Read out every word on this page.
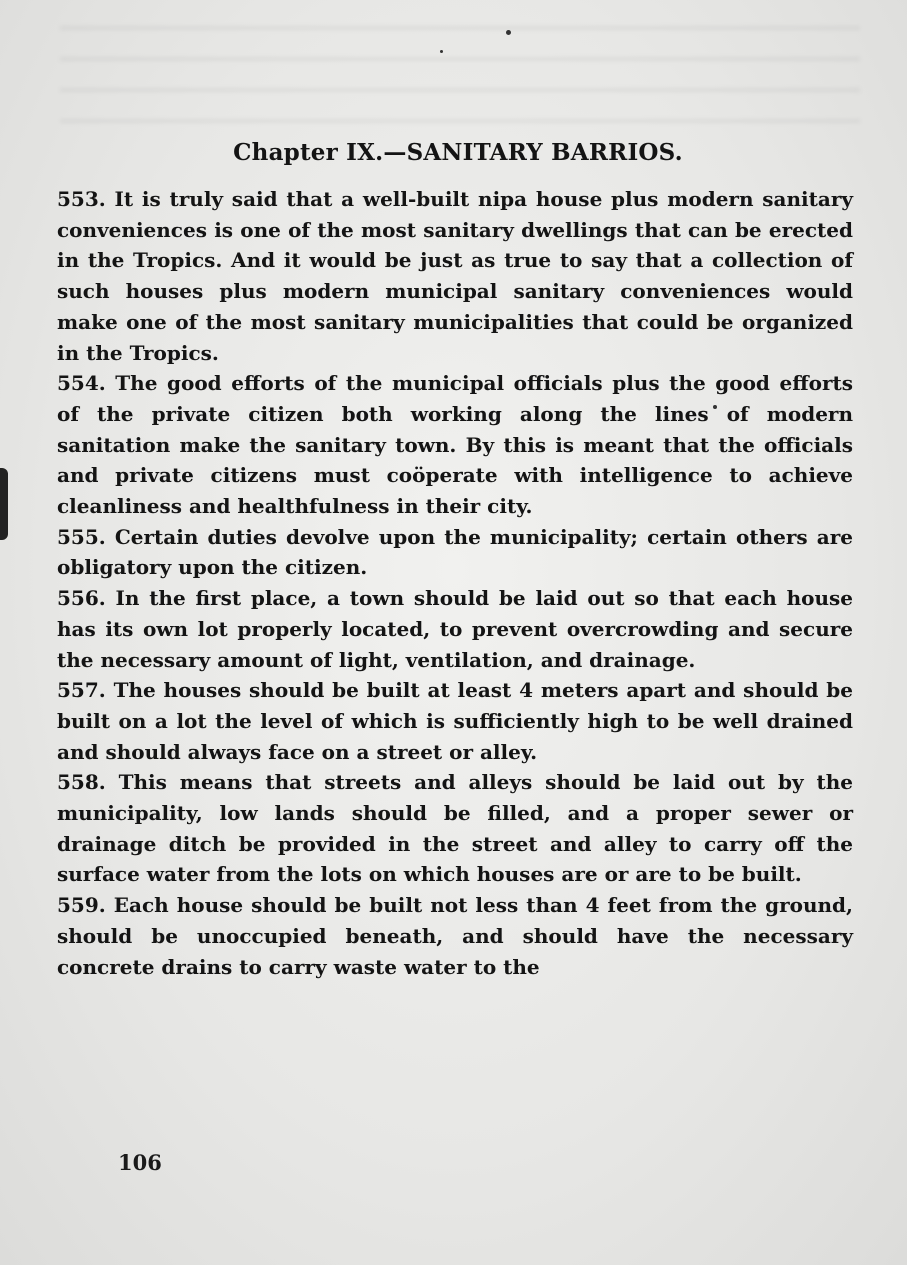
Chapter IX.—SANITARY BARRIOS.

553. It is truly said that a well-built nipa house plus modern sanitary conveniences is one of the most sanitary dwellings that can be erected in the Tropics. And it would be just as true to say that a collection of such houses plus modern municipal sanitary conveniences would make one of the most sanitary municipalities that could be organized in the Tropics.

554. The good efforts of the municipal officials plus the good efforts of the private citizen both working along the lines of modern sanitation make the sanitary town. By this is meant that the officials and private citizens must coöperate with intelligence to achieve cleanliness and healthfulness in their city.

555. Certain duties devolve upon the municipality; certain others are obligatory upon the citizen.

556. In the first place, a town should be laid out so that each house has its own lot properly located, to prevent overcrowding and secure the necessary amount of light, ventilation, and drainage.

557. The houses should be built at least 4 meters apart and should be built on a lot the level of which is sufficiently high to be well drained and should always face on a street or alley.

558. This means that streets and alleys should be laid out by the municipality, low lands should be filled, and a proper sewer or drainage ditch be provided in the street and alley to carry off the surface water from the lots on which houses are or are to be built.

559. Each house should be built not less than 4 feet from the ground, should be unoccupied beneath, and should have the necessary concrete drains to carry waste water to the

106
